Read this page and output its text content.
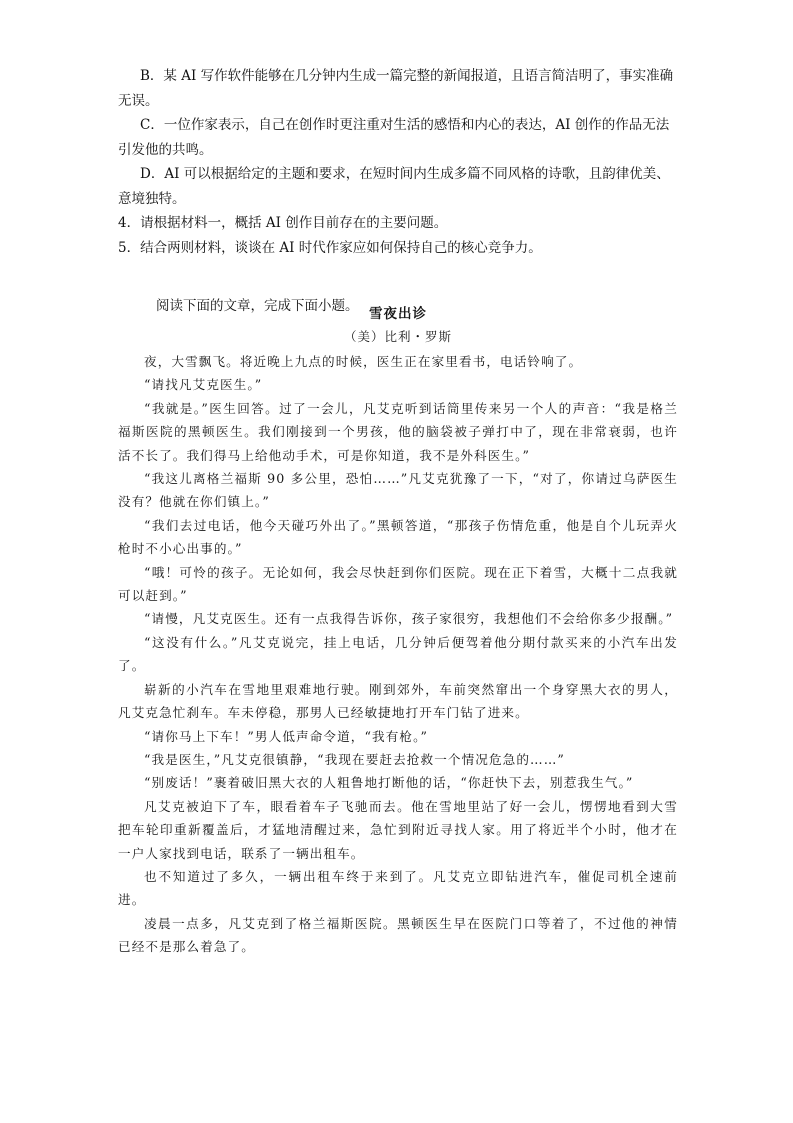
B．某 AI 写作软件能够在几分钟内生成一篇完整的新闻报道，且语言简洁明了，事实准确无误。

C．一位作家表示，自己在创作时更注重对生活的感悟和内心的表达，AI 创作的作品无法引发他的共鸣。

D．AI 可以根据给定的主题和要求，在短时间内生成多篇不同风格的诗歌，且韵律优美、意境独特。

4．请根据材料一，概括 AI 创作目前存在的主要问题。

5．结合两则材料，谈谈在 AI 时代作家应如何保持自己的核心竞争力。

阅读下面的文章，完成下面小题。 雪夜出诊

（美）比利・罗斯

夜，大雪飘飞。将近晚上九点的时候，医生正在家里看书，电话铃响了。

“请找凡艾克医生。”

“我就是。”医生回答。过了一会儿，凡艾克听到话筒里传来另一个人的声音：“我是格兰福斯医院的黑顿医生。我们刚接到一个男孩，他的脑袋被子弹打中了，现在非常衰弱，也许活不长了。我们得马上给他动手术，可是你知道，我不是外科医生。”

“我这儿离格兰福斯 90 多公里，恐怕……”凡艾克犹豫了一下，“对了，你请过乌萨医生没有？他就在你们镇上。”

“我们去过电话，他今天碰巧外出了。”黑顿答道，“那孩子伤情危重，他是自个儿玩弄火枪时不小心出事的。”

“哦！可怜的孩子。无论如何，我会尽快赶到你们医院。现在正下着雪，大概十二点我就可以赶到。”

“请慢，凡艾克医生。还有一点我得告诉你，孩子家很穷，我想他们不会给你多少报酬。”

“这没有什么。”凡艾克说完，挂上电话，几分钟后便驾着他分期付款买来的小汽车出发了。

崭新的小汽车在雪地里艰难地行驶。刚到郊外，车前突然窜出一个身穿黑大衣的男人，凡艾克急忙刹车。车未停稳，那男人已经敏捷地打开车门钻了进来。

“请你马上下车！”男人低声命令道，“我有枪。”

“我是医生，”凡艾克很镇静，“我现在要赶去抢救一个情况危急的……”

“别废话！”裹着破旧黑大衣的人粗鲁地打断他的话，“你赶快下去，别惹我生气。”

凡艾克被迫下了车，眼看着车子飞驰而去。他在雪地里站了好一会儿，愣愣地看到大雪把车轮印重新覆盖后，才猛地清醒过来，急忙到附近寻找人家。用了将近半个小时，他才在一户人家找到电话，联系了一辆出租车。

也不知道过了多久，一辆出租车终于来到了。凡艾克立即钻进汽车，催促司机全速前进。

凌晨一点多，凡艾克到了格兰福斯医院。黑顿医生早在医院门口等着了，不过他的神情已经不是那么着急了。
